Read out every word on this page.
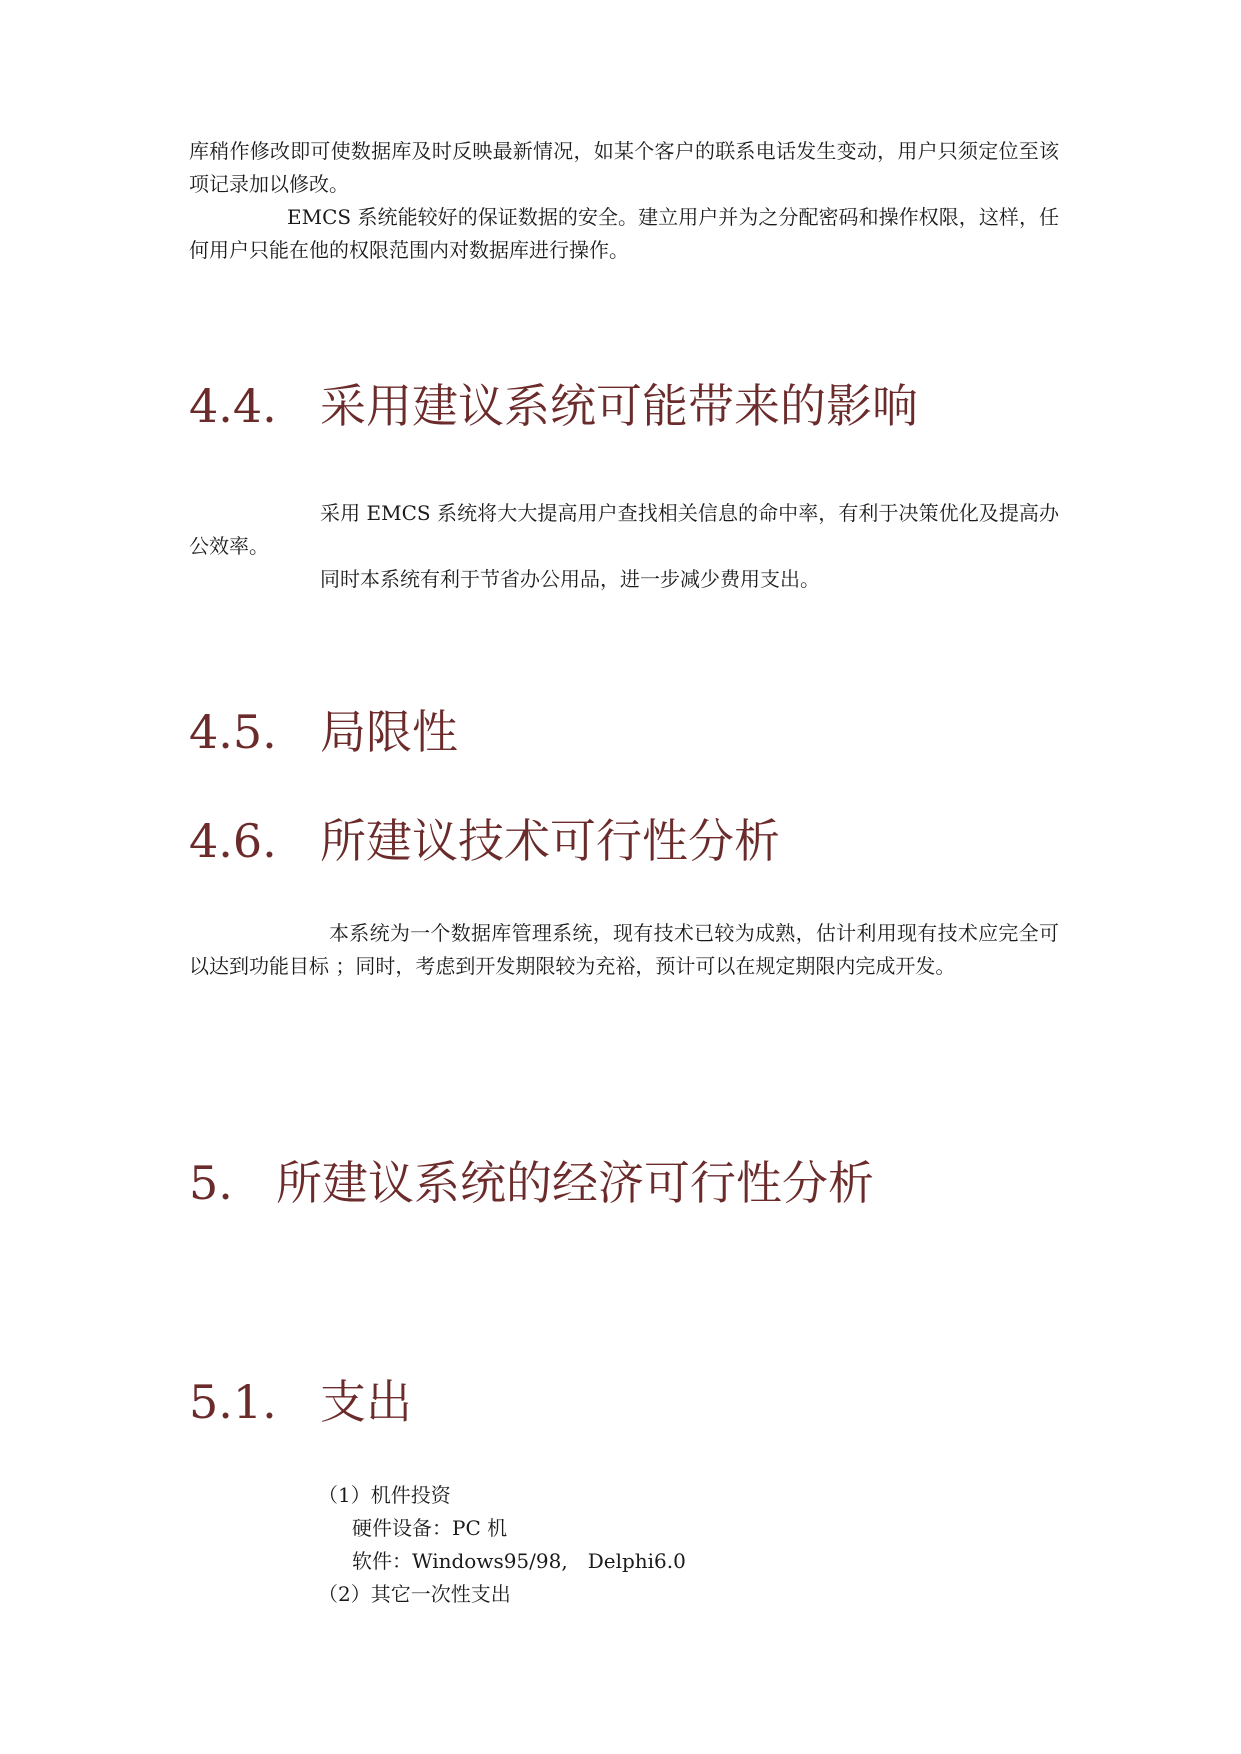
库稍作修改即可使数据库及时反映最新情况，如某个客户的联系电话发生变动，用户只须定位至该项记录加以修改。

EMCS 系统能较好的保证数据的安全。建立用户并为之分配密码和操作权限，这样，任何用户只能在他的权限范围内对数据库进行操作。

4.4. 采用建议系统可能带来的影响

采用 EMCS 系统将大大提高用户查找相关信息的命中率，有利于决策优化及提高办公效率。

同时本系统有利于节省办公用品，进一步减少费用支出。

4.5. 局限性
4.6. 所建议技术可行性分析

本系统为一个数据库管理系统，现有技术已较为成熟，估计利用现有技术应完全可以达到功能目标 ；同时，考虑到开发期限较为充裕，预计可以在规定期限内完成开发。

5. 所建议系统的经济可行性分析
5.1. 支出
（1）机件投资
硬件设备：PC 机
软件：Windows95/98,　Delphi6.0
（2）其它一次性支出
